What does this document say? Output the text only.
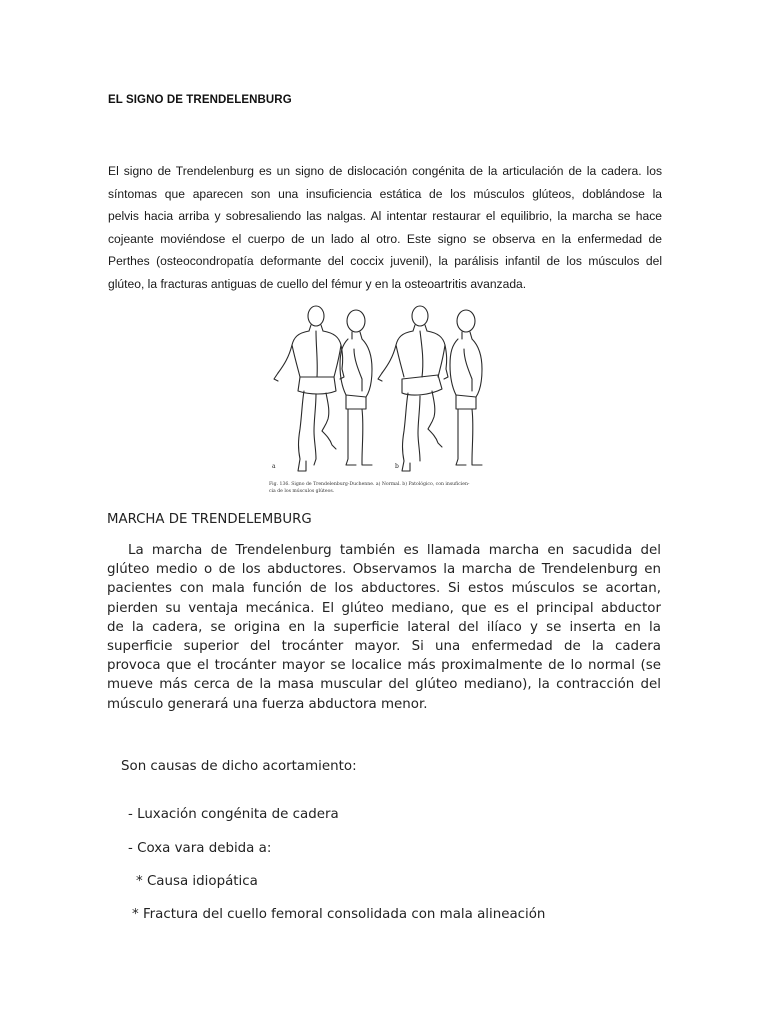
EL SIGNO DE TRENDELENBURG
El signo de Trendelenburg es un signo de dislocación congénita de la articulación de la cadera. los
síntomas que aparecen son una insuficiencia estática de los músculos glúteos, doblándose la
pelvis hacia arriba y sobresaliendo las nalgas. Al intentar restaurar el equilibrio, la marcha se hace
cojeante moviéndose el cuerpo de un lado al otro. Este signo se observa en la enfermedad de
Perthes (osteocondropatía deformante del coccix juvenil), la parálisis infantil de los músculos del
glúteo, la fracturas antiguas de cuello del fémur y en la osteoartritis avanzada.
a	b
Fig. 136. Signo de Trendelenburg-Duchenne. a) Normal. b) Patológico, con insuficien-
cia de los músculos glúteos.
MARCHA DE TRENDELEMBURG
La marcha de Trendelenburg también es llamada marcha en sacudida del
glúteo medio o de los abductores. Observamos la marcha de Trendelenburg en
pacientes con mala función de los abductores. Si estos músculos se acortan,
pierden su ventaja mecánica. El glúteo mediano, que es el principal abductor
de la cadera, se origina en la superficie lateral del ilíaco y se inserta en la
superficie superior del trocánter mayor. Si una enfermedad de la cadera
provoca que el trocánter mayor se localice más proximalmente de lo normal (se
mueve más cerca de la masa muscular del glúteo mediano), la contracción del
músculo generará una fuerza abductora menor.
Son causas de dicho acortamiento:
- Luxación congénita de cadera
- Coxa vara debida a:
* Causa idiopática
* Fractura del cuello femoral consolidada con mala alineación
